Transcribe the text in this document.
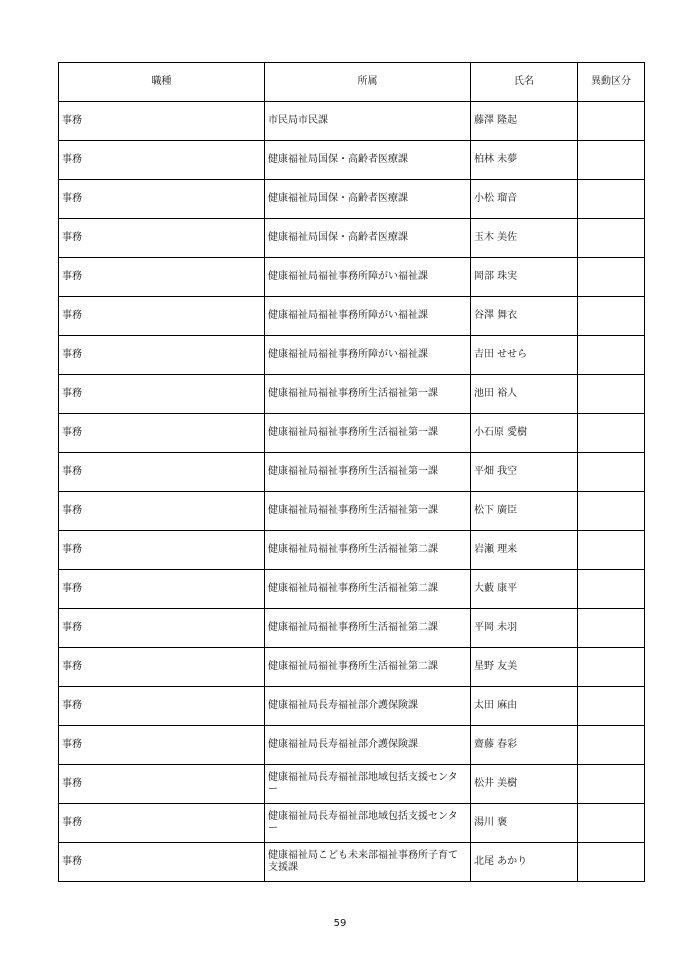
職種	所属	氏名	異動区分
事務	市民局市民課	藤澤 隆起	
事務	健康福祉局国保・高齢者医療課	柏林 未夢	
事務	健康福祉局国保・高齢者医療課	小松 瑠音	
事務	健康福祉局国保・高齢者医療課	玉木 美佐	
事務	健康福祉局福祉事務所障がい福祉課	岡部 珠実	
事務	健康福祉局福祉事務所障がい福祉課	谷澤 舞衣	
事務	健康福祉局福祉事務所障がい福祉課	吉田 せせら	
事務	健康福祉局福祉事務所生活福祉第一課	池田 裕人	
事務	健康福祉局福祉事務所生活福祉第一課	小石原 愛樹	
事務	健康福祉局福祉事務所生活福祉第一課	平畑 我空	
事務	健康福祉局福祉事務所生活福祉第一課	松下 廣臣	
事務	健康福祉局福祉事務所生活福祉第二課	岩瀬 理来	
事務	健康福祉局福祉事務所生活福祉第二課	大藪 康平	
事務	健康福祉局福祉事務所生活福祉第二課	平岡 未羽	
事務	健康福祉局福祉事務所生活福祉第二課	星野 友美	
事務	健康福祉局長寿福祉部介護保険課	太田 麻由	
事務	健康福祉局長寿福祉部介護保険課	齋藤 春彩	
事務	健康福祉局長寿福祉部地域包括支援センター	松井 美樹	
事務	健康福祉局長寿福祉部地域包括支援センター	湯川 褒	
事務	健康福祉局こども未来部福祉事務所子育て支援課	北尾 あかり	
59
